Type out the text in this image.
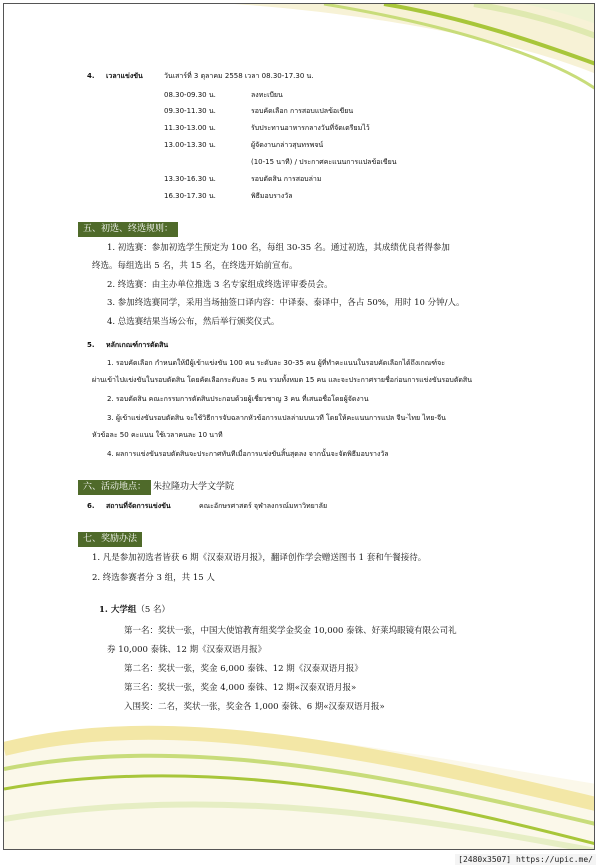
4. เวลาแข่งขัน	วันเสาร์ที่ 3 ตุลาคม 2558 เวลา 08.30-17.30 น.
08.30-09.30 น.	ลงทะเบียน
09.30-11.30 น.	รอบคัดเลือก การสอบแปลข้อเขียน
11.30-13.00 น.	รับประทานอาหารกลางวันที่จัดเตรียมไว้
13.00-13.30 น.	ผู้จัดงานกล่าวสุนทรพจน์
(10-15 นาที) / ประกาศคะแนนการแปลข้อเขียน
13.30-16.30 น.	รอบตัดสิน การสอบล่าม
16.30-17.30 น.	พิธีมอบรางวัล
五、初选、终选规则：
1. 初选赛：参加初选学生预定为 100 名，每组 30-35 名。通过初选，其成绩优良者得参加
终选。每组选出 5 名，共 15 名，在终选开始前宣布。
2. 终选赛：由主办单位推选 3 名专家组成终选评审委员会。
3. 参加终选赛同学，采用当场抽签口译内容：中译泰、泰译中，各占 50%，用时 10 分钟/人。
4. 总选赛结果当场公布，然后举行颁奖仪式。
5. หลักเกณฑ์การตัดสิน
1. รอบคัดเลือก กำหนดให้มีผู้เข้าแข่งขัน 100 คน ระดับละ 30-35 คน ผู้ที่ทำคะแนนในรอบคัดเลือกได้ถึงเกณฑ์จะ
ผ่านเข้าไปแข่งขันในรอบตัดสิน โดยคัดเลือกระดับละ 5 คน รวมทั้งหมด 15 คน และจะประกาศรายชื่อก่อนการแข่งขันรอบตัดสิน
2. รอบตัดสิน คณะกรรมการตัดสินประกอบด้วยผู้เชี่ยวชาญ 3 คน ที่เสนอชื่อโดยผู้จัดงาน
3. ผู้เข้าแข่งขันรอบตัดสิน จะใช้วิธีการจับฉลากหัวข้อการแปลล่ามบนเวที โดยให้คะแนนการแปล จีน-ไทย ไทย-จีน
หัวข้อละ 50 คะแนน ใช้เวลาคนละ 10 นาที
4. ผลการแข่งขันรอบตัดสินจะประกาศทันทีเมื่อการแข่งขันสิ้นสุดลง จากนั้นจะจัดพิธีมอบรางวัล
六、活动地点： 朱拉隆功大学文学院
6. สถานที่จัดการแข่งขัน	คณะอักษรศาสตร์ จุฬาลงกรณ์มหาวิทยาลัย
七、奖励办法
1. 凡是参加初选者皆获 6 期《汉泰双语月报》，翻译创作学会赠送图书 1 套和午餐接待。
2. 终选参赛者分 3 组，共 15 人
1. 大学组（5 名）
第一名：奖状一张，中国大使馆教育组奖学金奖金 10,000 泰铢、好莱坞眼镜有限公司礼
券 10,000 泰铢、12 期《汉泰双语月报》
第二名：奖状一张，奖金 6,000 泰铢、12 期《汉泰双语月报》
第三名：奖状一张，奖金 4,000 泰铢、12 期«汉泰双语月报»
入围奖：二名，奖状一张，奖金各 1,000 泰铢、6 期«汉泰双语月报»
[2480x3507] https://upic.me/
